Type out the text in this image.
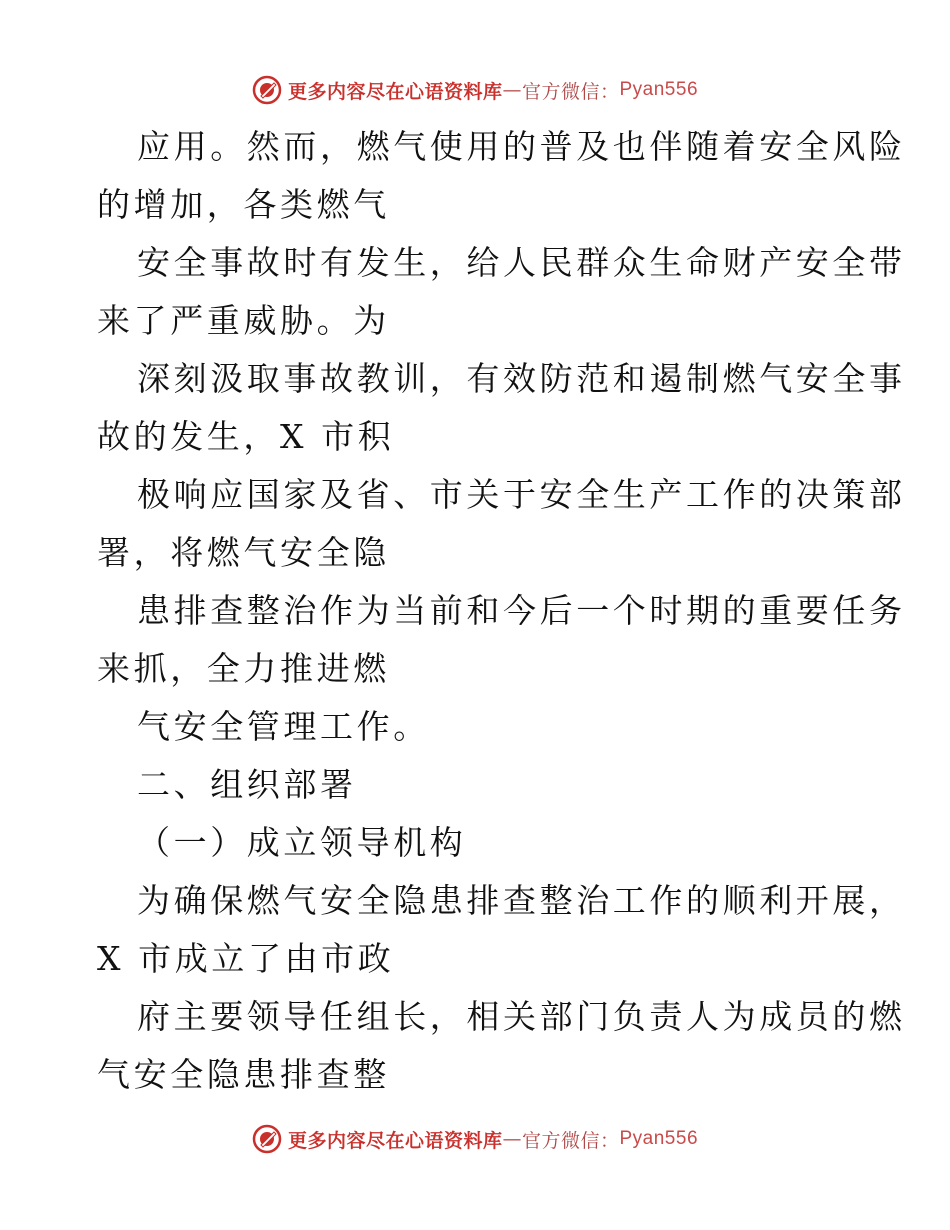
更多内容尽在心语资料库 — 官方微信： Pyan556
应用。然而，燃气使用的普及也伴随着安全风险
的增加，各类燃气
安全事故时有发生，给人民群众生命财产安全带
来了严重威胁。为
深刻汲取事故教训，有效防范和遏制燃气安全事
故的发生，X 市积
极响应国家及省、市关于安全生产工作的决策部
署，将燃气安全隐
患排查整治作为当前和今后一个时期的重要任务
来抓，全力推进燃
气安全管理工作。
二、组织部署
（一）成立领导机构
为确保燃气安全隐患排查整治工作的顺利开展，
X 市成立了由市政
府主要领导任组长，相关部门负责人为成员的燃
气安全隐患排查整
更多内容尽在心语资料库 — 官方微信： Pyan556
